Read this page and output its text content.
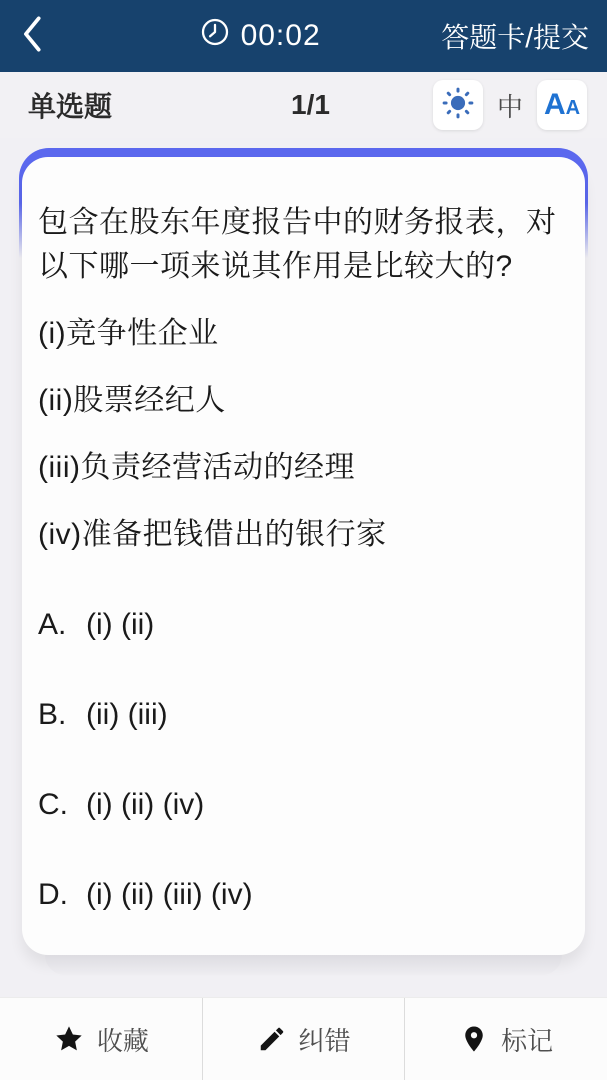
00:02	答题卡/提交
单选题	1/1	中 AA

包含在股东年度报告中的财务报表，对以下哪一项来说其作用是比较大的?

(i)竞争性企业

(ii)股票经纪人

(iii)负责经营活动的经理

(iv)准备把钱借出的银行家

A. (i) (ii)
B. (ii) (iii)
C. (i) (ii) (iv)
D. (i) (ii) (iii) (iv)
收藏	纠错	标记
